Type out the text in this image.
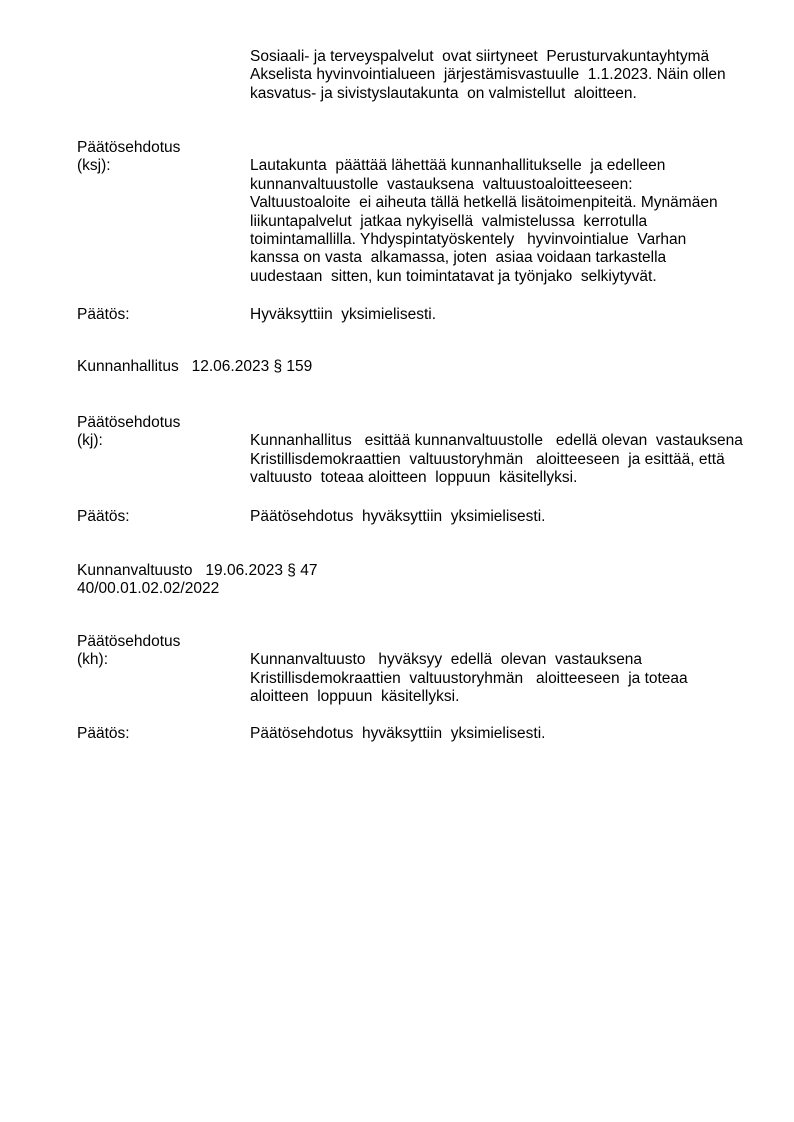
Sosiaali- ja terveyspalvelut  ovat siirtyneet  Perusturvakuntayhtymä
Akselista hyvinvointialueen  järjestämisvastuulle  1.1.2023. Näin ollen
kasvatus- ja sivistyslautakunta  on valmistellut  aloitteen.
Päätösehdotus
(ksj):	Lautakunta  päättää lähettää kunnanhallitukselle  ja edelleen
kunnanvaltuustolle  vastauksena  valtuustoaloitteeseen:
Valtuustoaloite  ei aiheuta tällä hetkellä lisätoimenpiteitä. Mynämäen
liikuntapalvelut  jatkaa nykyisellä  valmistelussa  kerrotulla
toimintamallilla. Yhdyspintatyöskentely   hyvinvointialue  Varhan
kanssa on vasta  alkamassa, joten  asiaa voidaan tarkastella
uudestaan  sitten, kun toimintatavat ja työnjako  selkiytyvät.
Päätös:	Hyväksyttiin  yksimielisesti.
Kunnanhallitus   12.06.2023 § 159
Päätösehdotus
(kj):	Kunnanhallitus   esittää kunnanvaltuustolle   edellä olevan  vastauksena
Kristillisdemokraattien  valtuustoryhmän   aloitteeseen  ja esittää, että
valtuusto  toteaa aloitteen  loppuun  käsitellyksi.
Päätös:	Päätösehdotus  hyväksyttiin  yksimielisesti.
Kunnanvaltuusto   19.06.2023 § 47
40/00.01.02.02/2022
Päätösehdotus
(kh):	Kunnanvaltuusto   hyväksyy  edellä  olevan  vastauksena
Kristillisdemokraattien  valtuustoryhmän   aloitteeseen  ja toteaa
aloitteen  loppuun  käsitellyksi.
Päätös:	Päätösehdotus  hyväksyttiin  yksimielisesti.
